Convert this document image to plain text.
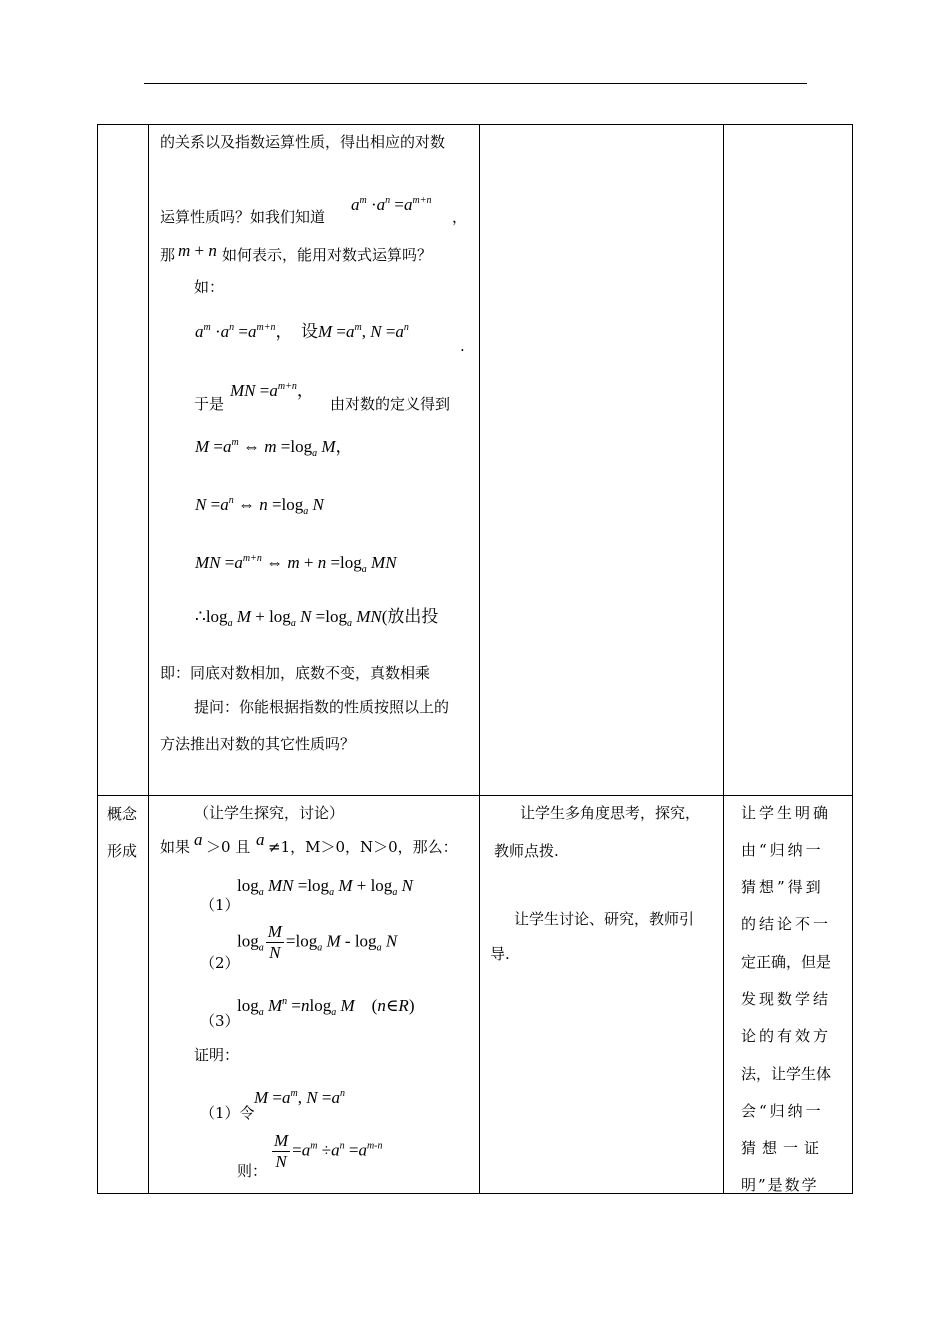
的关系以及指数运算性质，得出相应的对数
$a^m \cdot a^n =a^{m+n}$
运算性质吗？如我们知道	，
那 m + n 如何表示，能用对数式运算吗？
如：
$a^m \cdot a^n =a^{m+n}$， 设$M =a^m$, $N =a^n$
.
MN $=a^{m+n}$，
于是	由对数的定义得到
$M =a^m$ ⇔ $m =\log_a$ M，
$N =a^n$ ⇔ $n =\log_a$ N
MN $=a^{m+n}$ ⇔ $m + n =\log_a$ MN
$\therefore\log_a$ $M + \log_a N =\log_a$ MN(放出投
即：同底对数相加，底数不变，真数相乘
提问：你能根据指数的性质按照以上的
方法推出对数的其它性质吗？
概念
形成
（让学生探究，讨论）
如果 a ＞0 且 a ≠1，M＞0，N＞0，那么：
（1）
$\log_a$ MN $=\log_a$ $M + \log_a N$
（2）
$\log_a \frac{M}{N} =\log_a$ M - $\log_a N$
（3）
$\log_a M^n =nlog_a$ M (n∈R)
证明：
（1）令
$M =a^m$, $N =a^n$
则： $\frac{M}{N} =a^m \div a^n =a^{m-n}$
让学生多角度思考，探究，
教师点拨.
让学生讨论、研究，教师引
导.
让学生明确
由“归纳一
猜想”得到
的结论不一
定正确，但是
发现数学结
论的有效方
法，让学生体
会“归纳一
猜想一证
明”是数学
